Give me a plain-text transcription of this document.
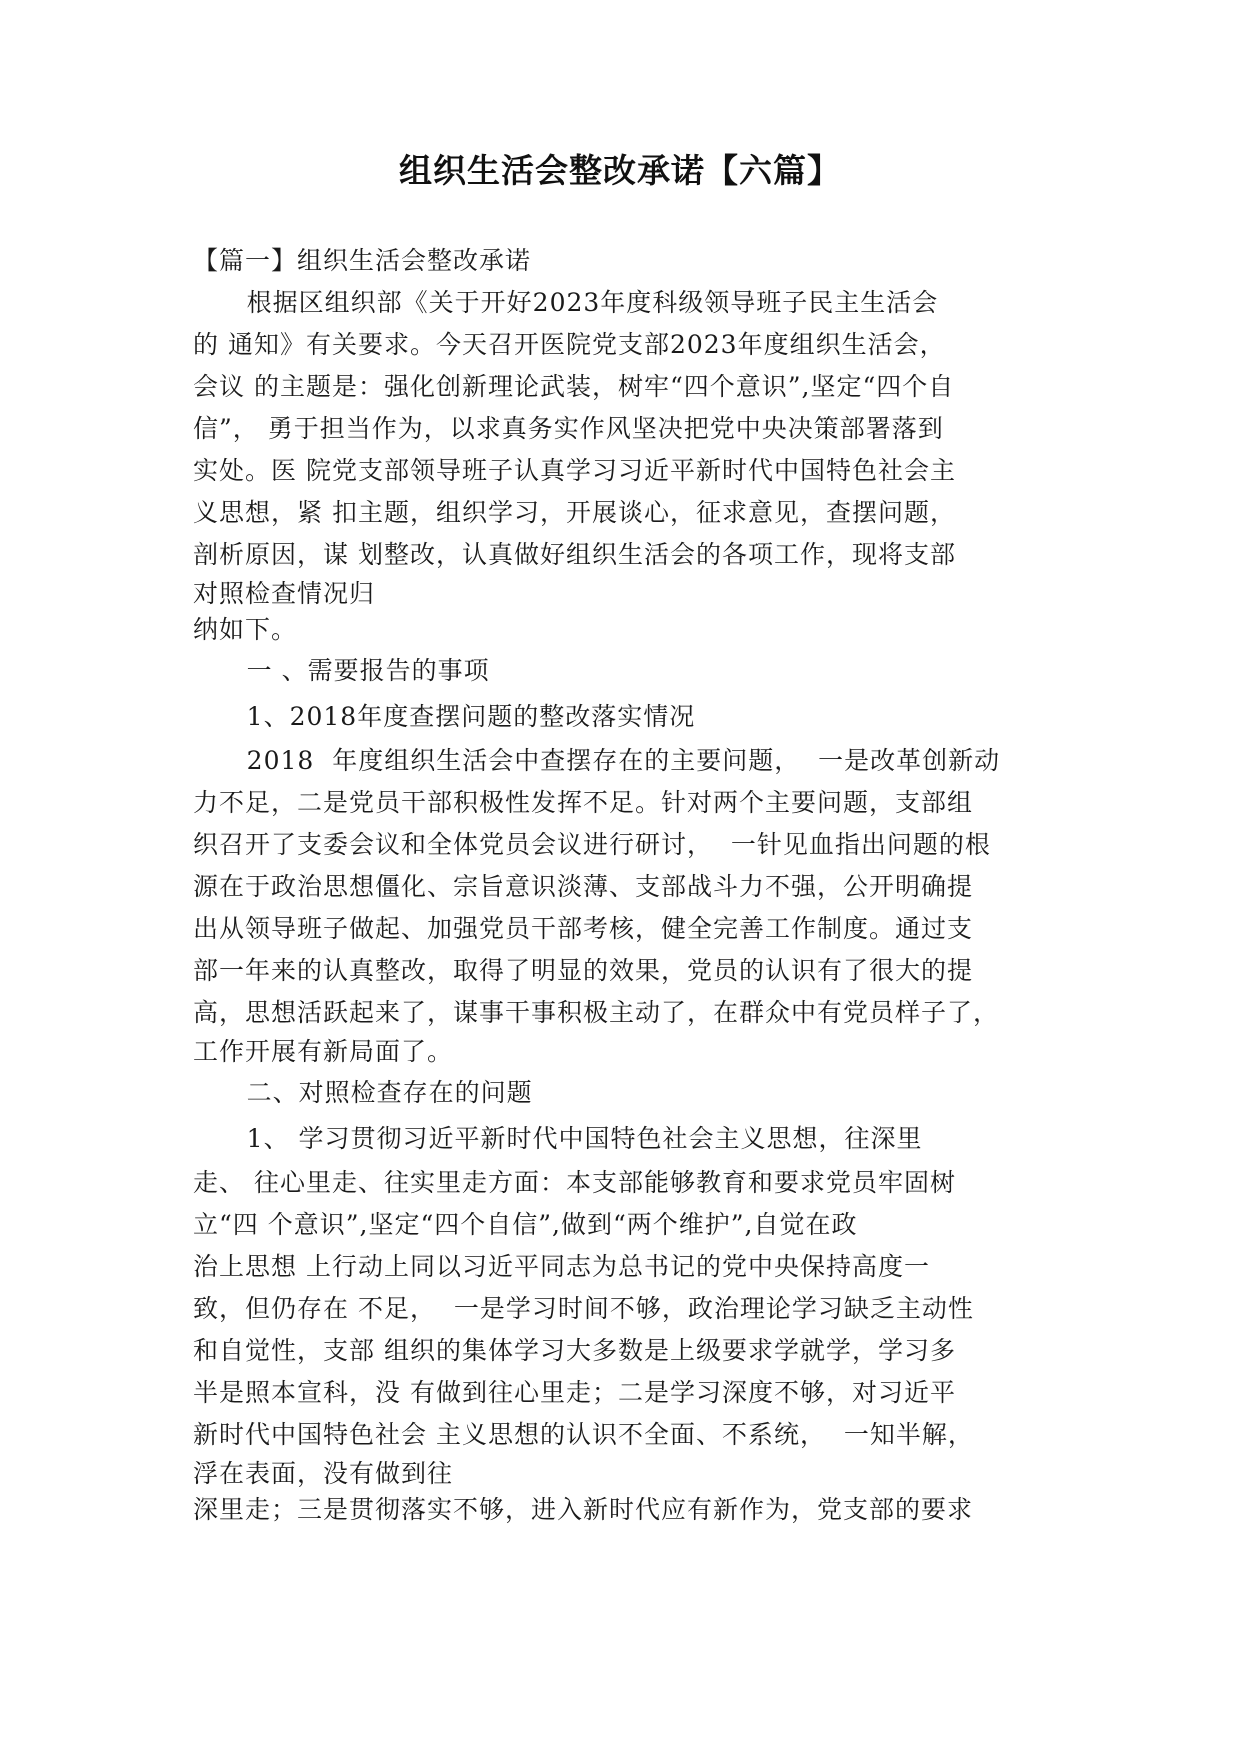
组织生活会整改承诺【六篇】
【篇一】组织生活会整改承诺
根据区组织部《关于开好2023年度科级领导班子民主生活会
的 通知》有关要求。今天召开医院党支部2023年度组织生活会，
会议 的主题是：强化创新理论武装，树牢“四个意识”,坚定“四个自
信”， 勇于担当作为，以求真务实作风坚决把党中央决策部署落到
实处。医 院党支部领导班子认真学习习近平新时代中国特色社会主
义思想，紧 扣主题，组织学习，开展谈心，征求意见，查摆问题，
剖析原因，谋 划整改，认真做好组织生活会的各项工作，现将支部
对照检查情况归
纳如下。
一 、需要报告的事项
1、2018年度查摆问题的整改落实情况
2018  年度组织生活会中查摆存在的主要问题，  一是改革创新动
力不足，二是党员干部积极性发挥不足。针对两个主要问题，支部组
织召开了支委会议和全体党员会议进行研讨，  一针见血指出问题的根
源在于政治思想僵化、宗旨意识淡薄、支部战斗力不强，公开明确提
出从领导班子做起、加强党员干部考核，健全完善工作制度。通过支
部一年来的认真整改，取得了明显的效果，党员的认识有了很大的提
高，思想活跃起来了，谋事干事积极主动了，在群众中有党员样子了，
工作开展有新局面了。
二、对照检查存在的问题
1、 学习贯彻习近平新时代中国特色社会主义思想，往深里
走、 往心里走、往实里走方面：本支部能够教育和要求党员牢固树
立“四 个意识”,坚定“四个自信”,做到“两个维护”,自觉在政
治上思想 上行动上同以习近平同志为总书记的党中央保持高度一
致，但仍存在 不足，  一是学习时间不够，政治理论学习缺乏主动性
和自觉性，支部 组织的集体学习大多数是上级要求学就学，学习多
半是照本宣科，没 有做到往心里走；二是学习深度不够，对习近平
新时代中国特色社会 主义思想的认识不全面、不系统，  一知半解，
浮在表面，没有做到往
深里走；三是贯彻落实不够，进入新时代应有新作为，党支部的要求
